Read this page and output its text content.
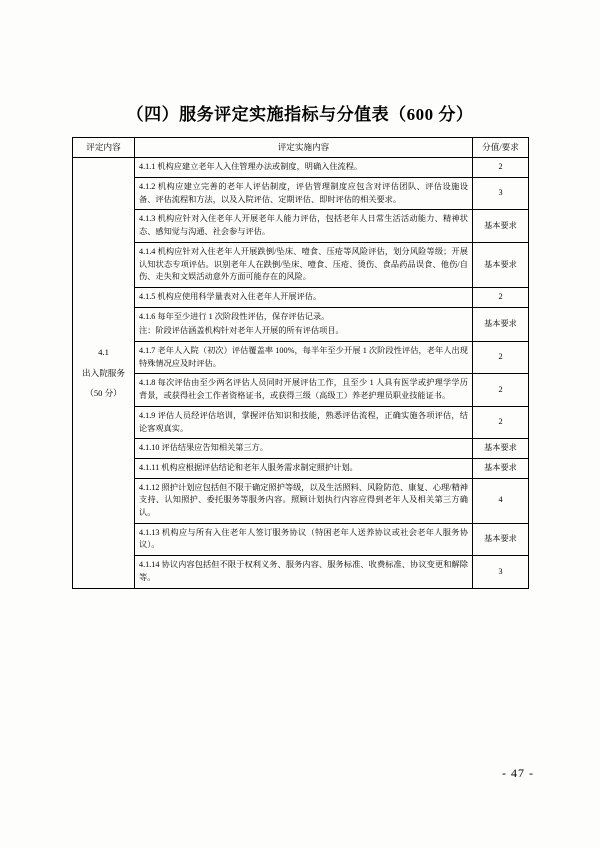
（四）服务评定实施指标与分值表（600 分）
评定内容	评定实施内容	分值/要求

4.1
出入院服务
（50 分）	4.1.1 机构应建立老年人入住管理办法或制度，明确入住流程。	2
	4.1.2 机构应建立完善的老年人评估制度，评估管理制度应包含对评估团队、评估设施设备、评估流程和方法，以及入院评估、定期评估、即时评估的相关要求。	3
	4.1.3 机构应针对入住老年人开展老年人能力评估，包括老年人日常生活活动能力、精神状态、感知觉与沟通、社会参与评估。	基本要求
	4.1.4 机构应针对入住老年人开展跌倒/坠床、噎食、压疮等风险评估，划分风险等级；开展认知状态专项评估。识别老年人在跌倒/坠床、噎食、压疮、烫伤、食品药品误食、他伤/自伤、走失和文娱活动意外方面可能存在的风险。	基本要求
	4.1.5 机构应使用科学量表对入住老年人开展评估。	2
	4.1.6 每年至少进行 1 次阶段性评估，保存评估记录。
注：阶段评估涵盖机构针对老年人开展的所有评估项目。	基本要求
	4.1.7 老年人入院（初次）评估覆盖率 100%，每半年至少开展 1 次阶段性评估，老年人出现特殊情况应及时评估。	2
	4.1.8 每次评估由至少两名评估人员同时开展评估工作，且至少 1 人具有医学或护理学学历背景，或获得社会工作者资格证书，或获得三级（高级工）养老护理员职业技能证书。	2
	4.1.9 评估人员经评估培训，掌握评估知识和技能，熟悉评估流程，正确实施各项评估，结论客观真实。	2
	4.1.10 评估结果应告知相关第三方。	基本要求
	4.1.11 机构应根据评估结论和老年人服务需求制定照护计划。	基本要求
	4.1.12 照护计划应包括但不限于确定照护等级，以及生活照料、风险防范、康复、心理/精神支持、认知照护、委托服务等服务内容。照顾计划执行内容应得到老年人及相关第三方确认。	4
	4.1.13 机构应与所有入住老年人签订服务协议（特困老年人送养协议或社会老年人服务协议）。	基本要求
	4.1.14 协议内容包括但不限于权利义务、服务内容、服务标准、收费标准、协议变更和解除等。	3
- 47 -
